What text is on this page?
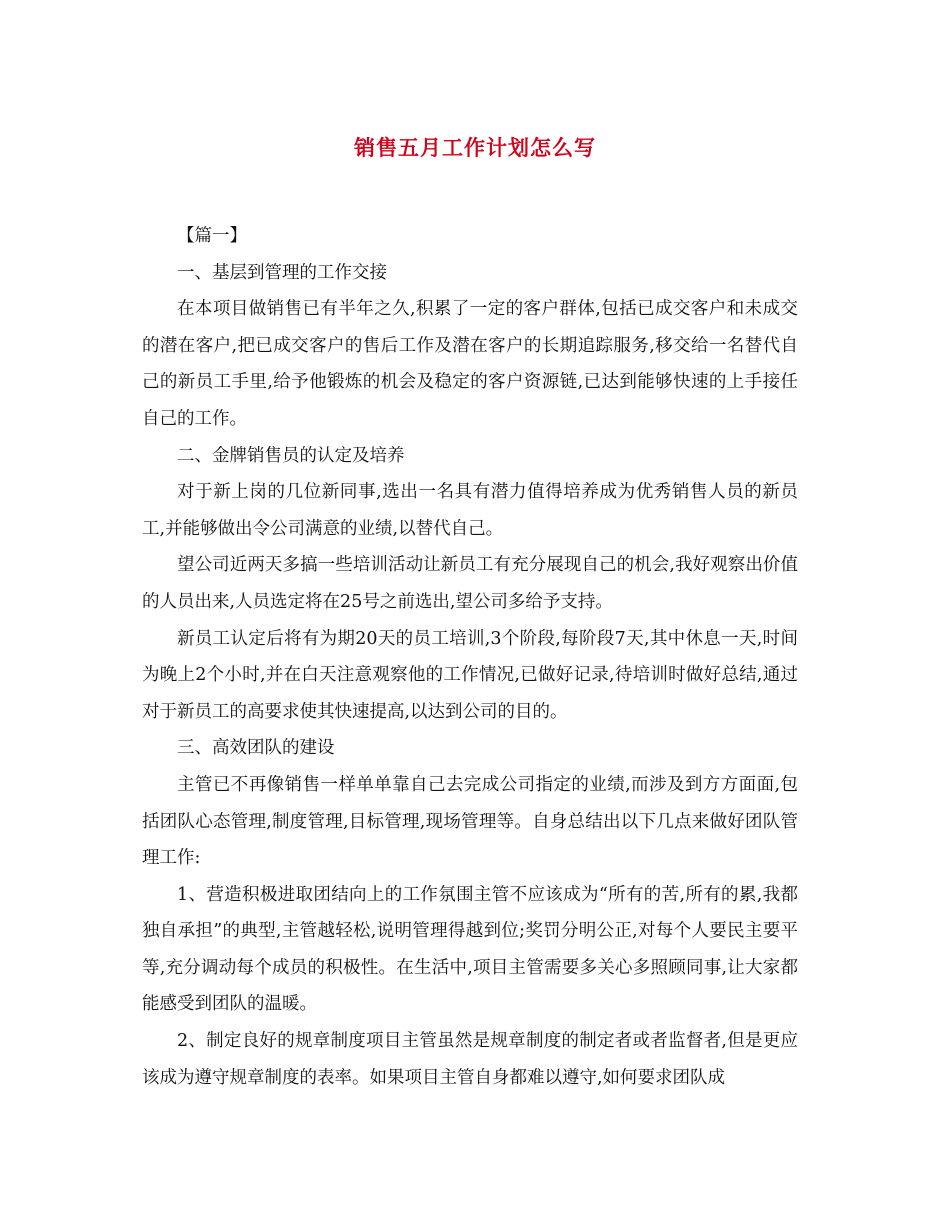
销售五月工作计划怎么写

【篇一】

一、基层到管理的工作交接

在本项目做销售已有半年之久,积累了一定的客户群体,包括已成交客户和未成交的潜在客户,把已成交客户的售后工作及潜在客户的长期追踪服务,移交给一名替代自己的新员工手里,给予他锻炼的机会及稳定的客户资源链,已达到能够快速的上手接任自己的工作。

二、金牌销售员的认定及培养

对于新上岗的几位新同事,选出一名具有潜力值得培养成为优秀销售人员的新员工,并能够做出令公司满意的业绩,以替代自己。

望公司近两天多搞一些培训活动让新员工有充分展现自己的机会,我好观察出价值的人员出来,人员选定将在25号之前选出,望公司多给予支持。

新员工认定后将有为期20天的员工培训,3个阶段,每阶段7天,其中休息一天,时间为晚上2个小时,并在白天注意观察他的工作情况,已做好记录,待培训时做好总结,通过对于新员工的高要求使其快速提高,以达到公司的目的。

三、高效团队的建设

主管已不再像销售一样单单靠自己去完成公司指定的业绩,而涉及到方方面面,包括团队心态管理,制度管理,目标管理,现场管理等。自身总结出以下几点来做好团队管理工作:

1、营造积极进取团结向上的工作氛围主管不应该成为“所有的苦,所有的累,我都独自承担”的典型,主管越轻松,说明管理得越到位;奖罚分明公正,对每个人要民主要平等,充分调动每个成员的积极性。在生活中,项目主管需要多关心多照顾同事,让大家都能感受到团队的温暖。

2、制定良好的规章制度项目主管虽然是规章制度的制定者或者监督者,但是更应该成为遵守规章制度的表率。如果项目主管自身都难以遵守,如何要求团队成
